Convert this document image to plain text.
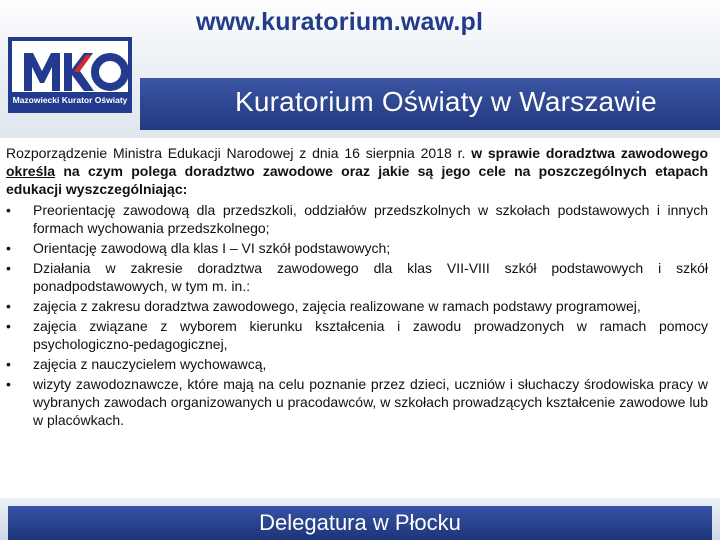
www.kuratorium.waw.pl
Mazowiecki Kurator Oświaty	Kuratorium Oświaty w Warszawie

Rozporządzenie Ministra Edukacji Narodowej z dnia 16 sierpnia 2018 r. w sprawie doradztwa zawodowego określa na czym polega doradztwo zawodowe oraz jakie są jego cele na poszczególnych etapach edukacji wyszczególniając:

•	Preorientację zawodową dla przedszkoli, oddziałów przedszkolnych w szkołach podstawowych i innych formach wychowania przedszkolnego;
•	Orientację zawodową dla klas I – VI szkół podstawowych;
•	Działania w zakresie doradztwa zawodowego dla klas VII-VIII szkół podstawowych i szkół ponadpodstawowych, w tym m. in.:
•	zajęcia z zakresu doradztwa zawodowego, zajęcia realizowane w ramach podstawy programowej,
•	zajęcia związane z wyborem kierunku kształcenia i zawodu prowadzonych w ramach pomocy psychologiczno-pedagogicznej,
•	zajęcia z nauczycielem wychowawcą,
•	wizyty zawodoznawcze, które mają na celu poznanie przez dzieci, uczniów i słuchaczy środowiska pracy w wybranych zawodach organizowanych u pracodawców, w szkołach prowadzących kształcenie zawodowe lub w placówkach.
Delegatura w Płocku
